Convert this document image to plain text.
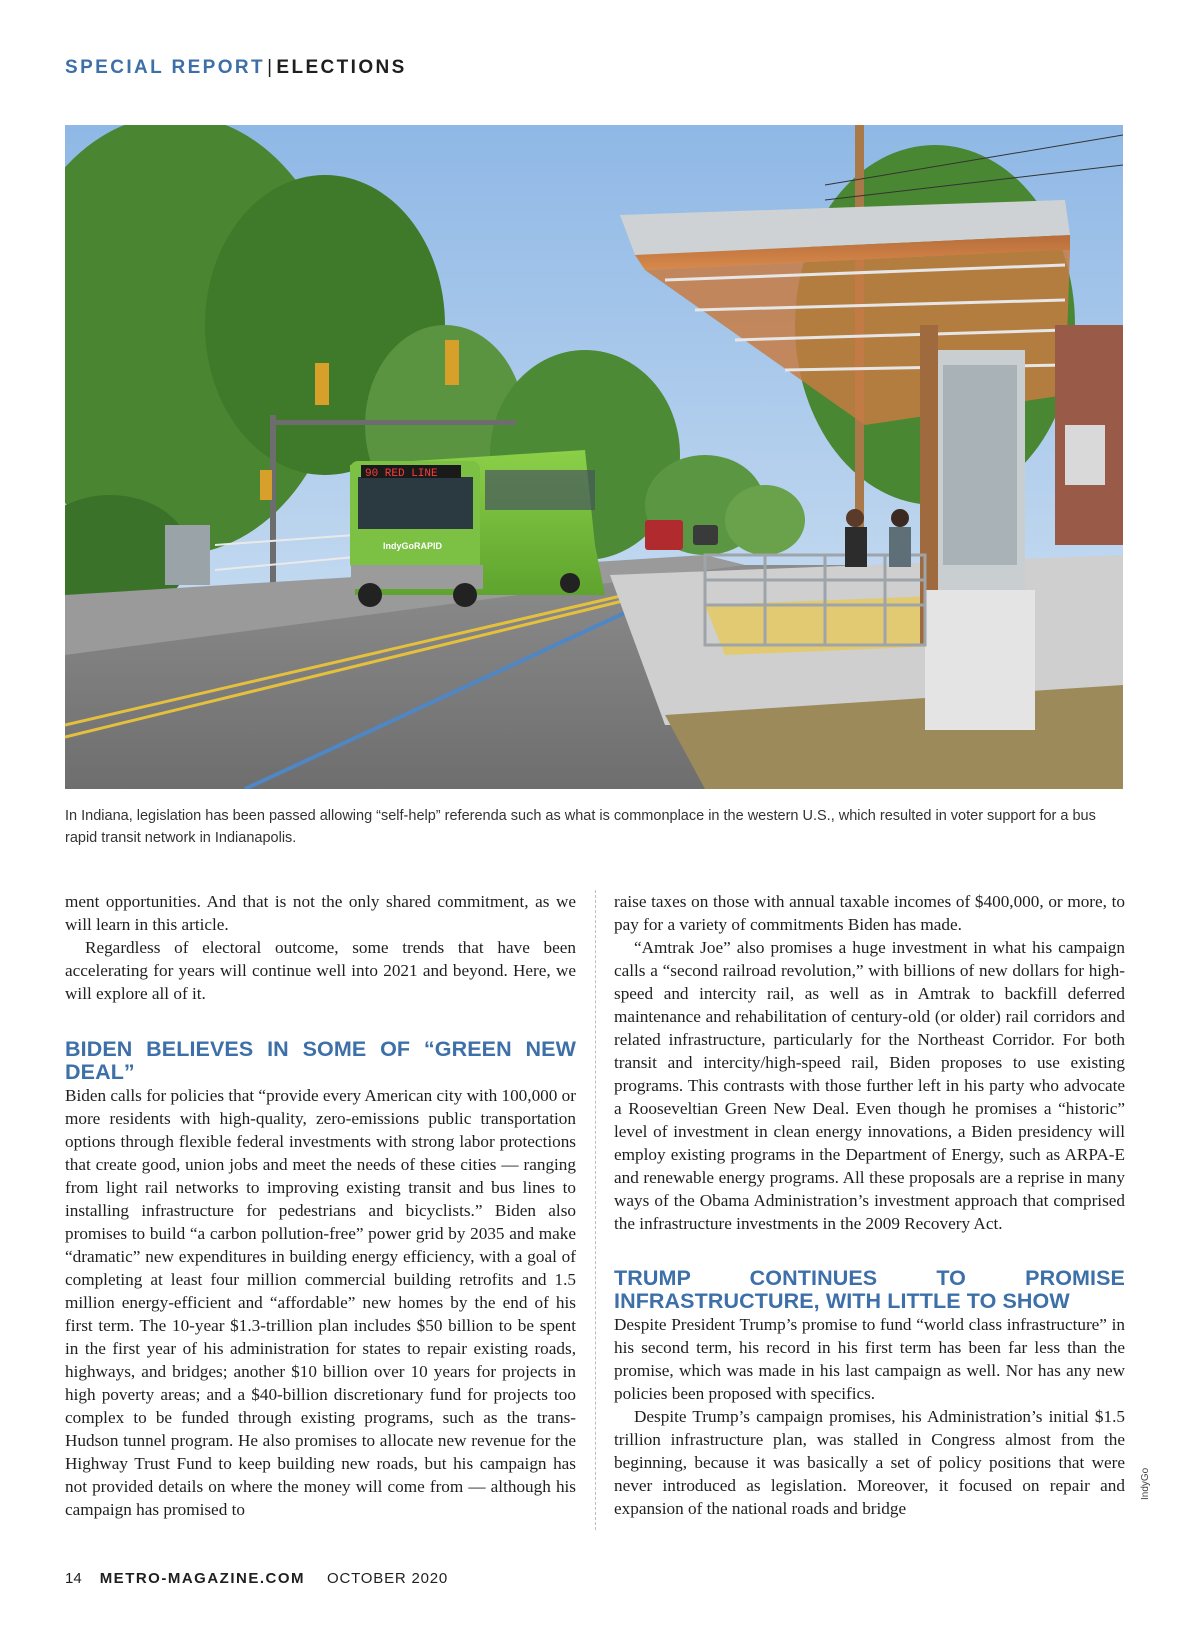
SPECIAL REPORT | ELECTIONS
90 RED LINE
IndyGoRAPID
In Indiana, legislation has been passed allowing “self-help” referenda such as what is commonplace in the western U.S., which resulted in voter support for a bus rapid transit network in Indianapolis.

ment opportunities. And that is not the only shared commitment, as we will learn in this article.

Regardless of electoral outcome, some trends that have been accelerating for years will continue well into 2021 and beyond. Here, we will explore all of it.

BIDEN BELIEVES IN SOME OF “GREEN NEW DEAL”

Biden calls for policies that “provide every American city with 100,000 or more residents with high-quality, zero-emissions public transportation options through flexible federal investments with strong labor protections that create good, union jobs and meet the needs of these cities — ranging from light rail networks to improving existing transit and bus lines to installing infrastructure for pedestrians and bicyclists.” Biden also promises to build “a carbon pollution-free” power grid by 2035 and make “dramatic” new expenditures in building energy efficiency, with a goal of completing at least four million commercial building retrofits and 1.5 million energy-efficient and “affordable” new homes by the end of his first term. The 10-year $1.3-trillion plan includes $50 billion to be spent in the first year of his administration for states to repair existing roads, highways, and bridges; another $10 billion over 10 years for projects in high poverty areas; and a $40-billion discretionary fund for projects too complex to be funded through existing programs, such as the trans-Hudson tunnel program. He also promises to allocate new revenue for the Highway Trust Fund to keep building new roads, but his campaign has not provided details on where the money will come from — although his campaign has promised to

raise taxes on those with annual taxable incomes of $400,000, or more, to pay for a variety of commitments Biden has made.

“Amtrak Joe” also promises a huge investment in what his campaign calls a “second railroad revolution,” with billions of new dollars for high-speed and intercity rail, as well as in Amtrak to backfill deferred maintenance and rehabilitation of century-old (or older) rail corridors and related infrastructure, particularly for the Northeast Corridor. For both transit and intercity/high-speed rail, Biden proposes to use existing programs. This contrasts with those further left in his party who advocate a Rooseveltian Green New Deal. Even though he promises a “historic” level of investment in clean energy innovations, a Biden presidency will employ existing programs in the Department of Energy, such as ARPA-E and renewable energy programs. All these proposals are a reprise in many ways of the Obama Administration’s investment approach that comprised the infrastructure investments in the 2009 Recovery Act.

TRUMP CONTINUES TO PROMISE INFRASTRUCTURE, WITH LITTLE TO SHOW

Despite President Trump’s promise to fund “world class infrastructure” in his second term, his record in his first term has been far less than the promise, which was made in his last campaign as well. Nor has any new policies been proposed with specifics.

Despite Trump’s campaign promises, his Administration’s initial $1.5 trillion infrastructure plan, was stalled in Congress almost from the beginning, because it was basically a set of policy positions that were never introduced as legislation. Moreover, it focused on repair and expansion of the national roads and bridge

IndyGo
14 METRO-MAGAZINE.COM OCTOBER 2020
